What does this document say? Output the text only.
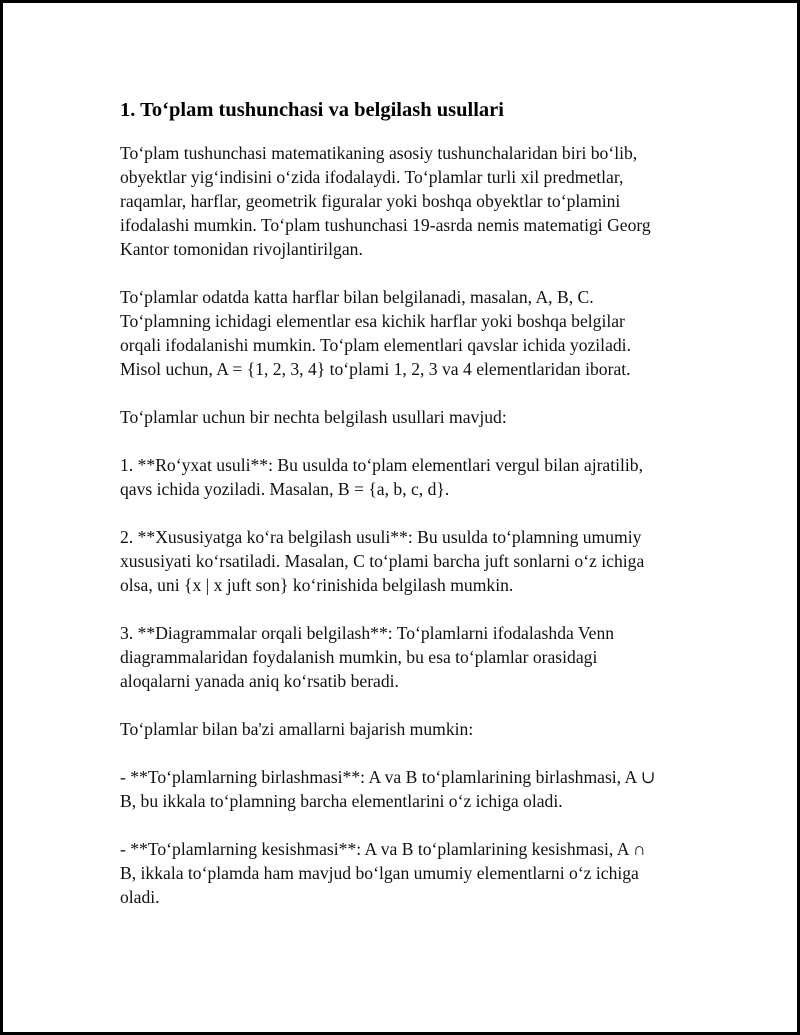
1. To‘plam tushunchasi va belgilash usullari

To‘plam tushunchasi matematikaning asosiy tushunchalaridan biri bo‘lib,
obyektlar yig‘indisini o‘zida ifodalaydi. To‘plamlar turli xil predmetlar,
raqamlar, harflar, geometrik figuralar yoki boshqa obyektlar to‘plamini
ifodalashi mumkin. To‘plam tushunchasi 19-asrda nemis matematigi Georg
Kantor tomonidan rivojlantirilgan.

To‘plamlar odatda katta harflar bilan belgilanadi, masalan, A, B, C.
To‘plamning ichidagi elementlar esa kichik harflar yoki boshqa belgilar
orqali ifodalanishi mumkin. To‘plam elementlari qavslar ichida yoziladi.
Misol uchun, A = {1, 2, 3, 4} to‘plami 1, 2, 3 va 4 elementlaridan iborat.

To‘plamlar uchun bir nechta belgilash usullari mavjud:

1. **Ro‘yxat usuli**: Bu usulda to‘plam elementlari vergul bilan ajratilib,
qavs ichida yoziladi. Masalan, B = {a, b, c, d}.

2. **Xususiyatga ko‘ra belgilash usuli**: Bu usulda to‘plamning umumiy
xususiyati ko‘rsatiladi. Masalan, C to‘plami barcha juft sonlarni o‘z ichiga
olsa, uni {x | x juft son} ko‘rinishida belgilash mumkin.

3. **Diagrammalar orqali belgilash**: To‘plamlarni ifodalashda Venn
diagrammalaridan foydalanish mumkin, bu esa to‘plamlar orasidagi
aloqalarni yanada aniq ko‘rsatib beradi.

To‘plamlar bilan ba'zi amallarni bajarish mumkin:

- **To‘plamlarning birlashmasi**: A va B to‘plamlarining birlashmasi, A ∪
B, bu ikkala to‘plamning barcha elementlarini o‘z ichiga oladi.

- **To‘plamlarning kesishmasi**: A va B to‘plamlarining kesishmasi, A ∩
B, ikkala to‘plamda ham mavjud bo‘lgan umumiy elementlarni o‘z ichiga
oladi.
